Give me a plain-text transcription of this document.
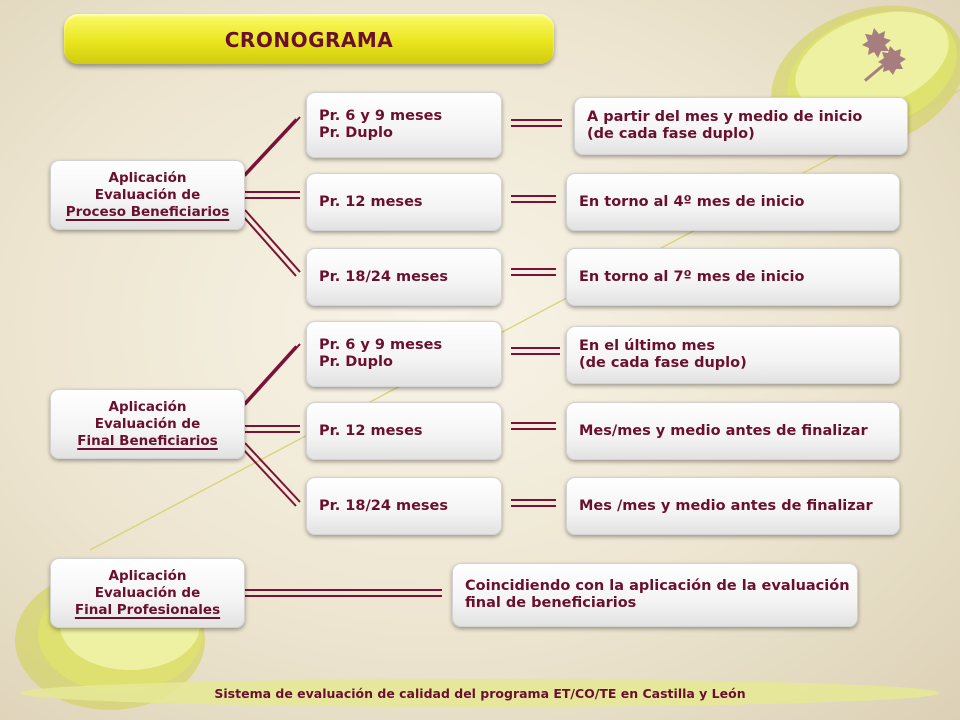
CRONOGRAMA
Aplicación
Evaluación de
Proceso Beneficiarios
Pr. 6 y 9 meses
Pr. Duplo
Pr. 12 meses
Pr. 18/24 meses
A partir del mes y medio de inicio
(de cada fase duplo)
En torno al 4º mes de inicio
En torno al 7º mes de inicio
Aplicación
Evaluación de
Final Beneficiarios
Pr. 6 y 9 meses
Pr. Duplo
Pr. 12 meses
Pr. 18/24 meses
En el último mes
(de cada fase duplo)
Mes/mes y medio antes de finalizar
Mes /mes y medio antes de finalizar
Aplicación
Evaluación de
Final Profesionales
Coincidiendo con la aplicación de la evaluación
final de beneficiarios
Sistema de evaluación de calidad del programa ET/CO/TE en Castilla y León
